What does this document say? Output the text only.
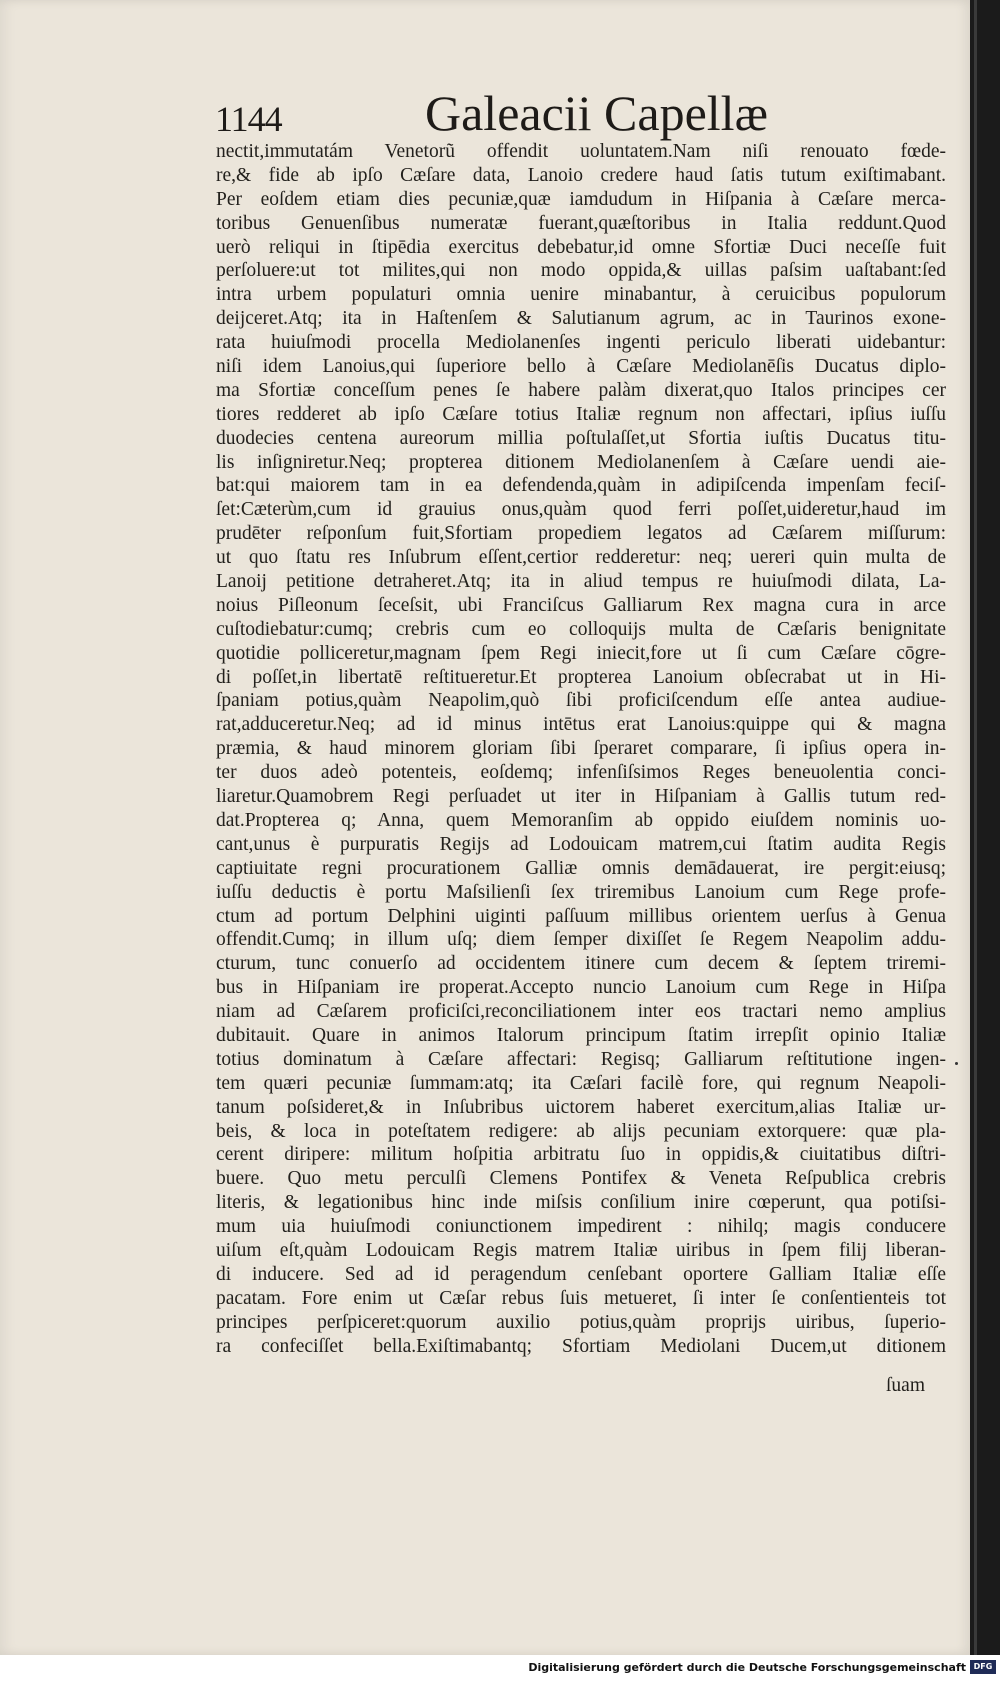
1144	Galeacii Capellæ
nectit,immutatám Venetorũ offendit uoluntatem.Nam niſi renouato fœde-
re,& fide ab ipſo Cæſare data, Lanoio credere haud ſatis tutum exiſtimabant.
Per eoſdem etiam dies pecuniæ,quæ iamdudum in Hiſpania à Cæſare merca-
toribus Genuenſibus numeratæ fuerant,quæſtoribus in Italia reddunt.Quod
uerò reliqui in ſtipēdia exercitus debebatur,id omne Sfortiæ Duci neceſſe fuit
perſoluere:ut tot milites,qui non modo oppida,& uillas paſsim uaſtabant:ſed
intra urbem populaturi omnia uenire minabantur, à ceruicibus populorum
deijceret.Atq; ita in Haſtenſem & Salutianum agrum, ac in Taurinos exone-
rata huiuſmodi procella Mediolanenſes ingenti periculo liberati uidebantur:
niſi idem Lanoius,qui ſuperiore bello à Cæſare Mediolanēſis Ducatus diplo-
ma Sfortiæ conceſſum penes ſe habere palàm dixerat,quo Italos principes cer
tiores redderet ab ipſo Cæſare totius Italiæ regnum non affectari, ipſius iuſſu
duodecies centena aureorum millia poſtulaſſet,ut Sfortia iuſtis Ducatus titu-
lis inſigniretur.Neq; propterea ditionem Mediolanenſem à Cæſare uendi aie-
bat:qui maiorem tam in ea defendenda,quàm in adipiſcenda impenſam feciſ-
ſet:Cæterùm,cum id grauius onus,quàm quod ferri poſſet,uideretur,haud im
prudēter reſponſum fuit,Sfortiam propediem legatos ad Cæſarem miſſurum:
ut quo ſtatu res Inſubrum eſſent,certior redderetur: neq; uereri quin multa de
Lanoij petitione detraheret.Atq; ita in aliud tempus re huiuſmodi dilata, La-
noius Piſleonum ſeceſsit, ubi Franciſcus Galliarum Rex magna cura in arce
cuſtodiebatur:cumq; crebris cum eo colloquijs multa de Cæſaris benignitate
quotidie polliceretur,magnam ſpem Regi iniecit,fore ut ſi cum Cæſare cōgre-
di poſſet,in libertatē reſtitueretur.Et propterea Lanoium obſecrabat ut in Hi-
ſpaniam potius,quàm Neapolim,quò ſibi proficiſcendum eſſe antea audiue-
rat,adduceretur.Neq; ad id minus intētus erat Lanoius:quippe qui & magna
præmia, & haud minorem gloriam ſibi ſperaret comparare, ſi ipſius opera in-
ter duos adeò potenteis, eoſdemq; infenſiſsimos Reges beneuolentia conci-
liaretur.Quamobrem Regi perſuadet ut iter in Hiſpaniam à Gallis tutum red-
dat.Propterea q; Anna, quem Memoranſim ab oppido eiuſdem nominis uo-
cant,unus è purpuratis Regijs ad Lodouicam matrem,cui ſtatim audita Regis
captiuitate regni procurationem Galliæ omnis demādauerat, ire pergit:eiusq;
iuſſu deductis è portu Maſsilienſi ſex triremibus Lanoium cum Rege profe-
ctum ad portum Delphini uiginti paſſuum millibus orientem uerſus à Genua
offendit.Cumq; in illum uſq; diem ſemper dixiſſet ſe Regem Neapolim addu-
cturum, tunc conuerſo ad occidentem itinere cum decem & ſeptem triremi-
bus in Hiſpaniam ire properat.Accepto nuncio Lanoium cum Rege in Hiſpa
niam ad Cæſarem proficiſci,reconciliationem inter eos tractari nemo amplius
dubitauit. Quare in animos Italorum principum ſtatim irrepſit opinio Italiæ
totius dominatum à Cæſare affectari: Regisq; Galliarum reſtitutione ingen-
tem quæri pecuniæ ſummam:atq; ita Cæſari facilè fore, qui regnum Neapoli-
tanum poſsideret,& in Inſubribus uictorem haberet exercitum,alias Italiæ ur-
beis, & loca in poteſtatem redigere: ab alijs pecuniam extorquere: quæ pla-
cerent diripere: militum hoſpitia arbitratu ſuo in oppidis,& ciuitatibus diſtri-
buere. Quo metu perculſi Clemens Pontifex & Veneta Reſpublica crebris
literis, & legationibus hinc inde miſsis conſilium inire cœperunt, qua potiſsi-
mum uia huiuſmodi coniunctionem impedirent : nihilq; magis conducere
uiſum eſt,quàm Lodouicam Regis matrem Italiæ uiribus in ſpem filij liberan-
di inducere. Sed ad id peragendum cenſebant oportere Galliam Italiæ eſſe
pacatam. Fore enim ut Cæſar rebus ſuis metueret, ſi inter ſe conſentienteis tot
principes perſpiceret:quorum auxilio potius,quàm proprijs uiribus, ſuperio-
ra confeciſſet bella.Exiſtimabantq; Sfortiam Mediolani Ducem,ut ditionem
ſuam
Digitalisierung gefördert durch die Deutsche Forschungsgemeinschaft DFG
